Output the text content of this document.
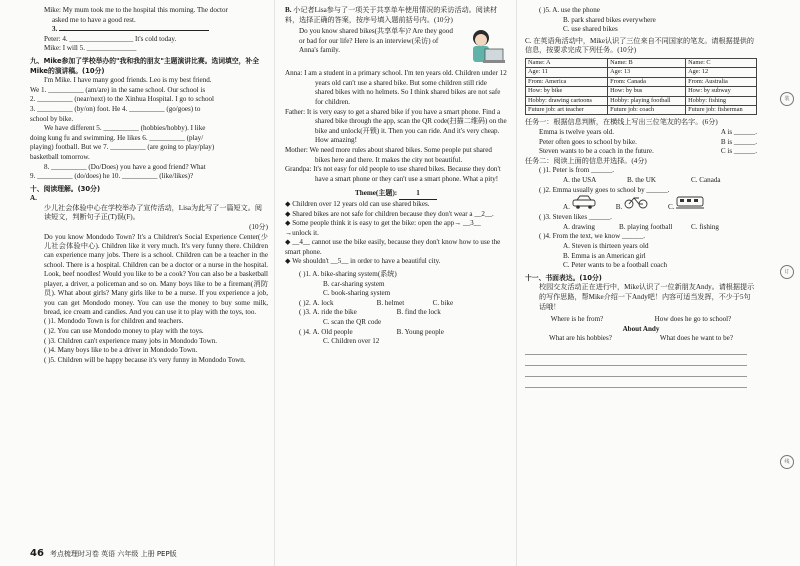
Mike: My mum took me to the hospital this morning. The doctor
asked me to have a good rest.
3.
Peter: 4. __________________ It's cold today.
Mike: I will 5. ______________
九、Mike参加了学校举办的"我和我的朋友"主题演讲比赛。选词填空，补全Mike的演讲稿。(10分)
I'm Mike. I have many good friends. Leo is my best friend.
We 1. __________ (am/are) in the same school. Our school is
2. __________ (near/next) to the Xinhua Hospital. I go to school
3. __________ (by/on) foot. He 4. __________ (go/goes) to
school by bike.
We have different 5. __________ (hobbies/hobby). I like
doing kung fu and swimming. He likes 6. __________ (play/
playing) football. But we 7. __________ (are going to play/play)
basketball tomorrow.
8. __________ (Do/Does) you have a good friend? What
9. __________ (do/does) he 10. __________ (like/likes)?
十、阅读理解。(30分)
A.
少儿社会体验中心在学校举办了宣传活动，Lisa为此写了一篇短文。阅读短文，判断句子正(T)误(F)。
(10分)
Do you know Mondodo Town? It's a Children's Social Experience Center(少儿社会体验中心). Children like it very much. It's very funny there. Children can experience many jobs. There is a school. Children can be a teacher in the school. There is a hospital. Children can be a doctor or a nurse in the hospital. Look, beef noodles! Would you like to be a cook? You can also be a basketball player, a driver, a policeman and so on. Many boys like to be a fireman(消防员). What about girls? Many girls like to be a nurse. If you experience a job, you can get Mondodo money. You can use the money to buy some milk, bread, ice cream and candies. And you can use it to play with the toys, too.
( )1. Mondodo Town is for children and teachers.
( )2. You can use Mondodo money to play with the toys.
( )3. Children can't experience many jobs in Mondodo Town.
( )4. Many boys like to be a driver in Mondodo Town.
( )5. Children will be happy because it's very funny in Mondodo Town.
B. 小记者Lisa参与了一项关于共享单车使用情况的采访活动。阅读材料，选择正确的答案，按序号填入题前括号内。(10分)
Do you know shared bikes(共享单车)? Are they good or bad for our life? Here is an interview(采访) of Anna's family.
Anna: I am a student in a primary school. I'm ten years old. Children under 12 years old can't use a shared bike. But some children still ride shared bikes with no helmets. So I think shared bikes are not safe for children.
Father: It is very easy to get a shared bike if you have a smart phone. Find a shared bike through the app, scan the QR code(扫描二维码) on the bike and unlock(开锁) it. Then you can ride. And it's very cheap. How amazing!
Mother: We need more rules about shared bikes. Some people put shared bikes here and there. It makes the city not beautiful.
Grandpa: It's not easy for old people to use shared bikes. Because they don't have a smart phone or they can't use a smart phone. What a pity!
Theme(主题):	1
◆ Children over 12 years old can use shared bikes.
◆ Shared bikes are not safe for children because they don't wear a __2__.
◆ Some people think it is easy to get the bike: open the app→ __3__ →unlock it.
◆ __4__ cannot use the bike easily, because they don't know how to use the smart phone.
◆ We shouldn't __5__ in order to have a beautiful city.
( )1. A. bike-sharing system(系统)
B. car-sharing system
C. book-sharing system
( )2. A. lock	B. helmet	C. bike
( )3. A. ride the bike	B. find the lock
C. scan the QR code
( )4. A. Old people	B. Young people
C. Children over 12
( )5. A. use the phone
B. park shared bikes everywhere
C. use shared bikes
C. 在英语角活动中，Mike认识了三位来自不同国家的笔友。请根据提供的信息，按要求完成下列任务。(10分)
Name: A	Name: B	Name: C
Age: 11	Age: 13	Age: 12
From: America	From: Canada	From: Australia
How: by bike	How: by bus	How: by subway
Hobby: drawing cartoons	Hobby: playing football	Hobby: fishing
Future job: art teacher	Future job: coach	Future job: fisherman
任务一：根据信息判断，在横线上写出三位笔友的名字。(6分)
Emma is twelve years old.	A is ______.
Peter often goes to school by bike.	B is ______.
Steven wants to be a coach in the future.	C is ______.
任务二：阅读上面的信息并选择。(4分)
( )1. Peter is from ______.
A. the USA	B. the UK	C. Canada
( )2. Emma usually goes to school by ______.
A.	B.	C.
( )3. Steven likes ______.
A. drawing	B. playing football	C. fishing
( )4. From the text, we know ______.
A. Steven is thirteen years old
B. Emma is an American girl
C. Peter wants to be a football coach
十一、书面表达。(10分)
校园交友活动正在进行中，Mike认识了一位新朋友Andy。请根据提示的写作思路，帮Mike介绍一下Andy吧！内容可适当发挥，不少于5句话哦！
Where is he from?	How does he go to school?
About Andy
What are his hobbies?	What does he want to be?
装
订
线
46 考点梳理时习卷 英语 六年级 上册 PEP版
